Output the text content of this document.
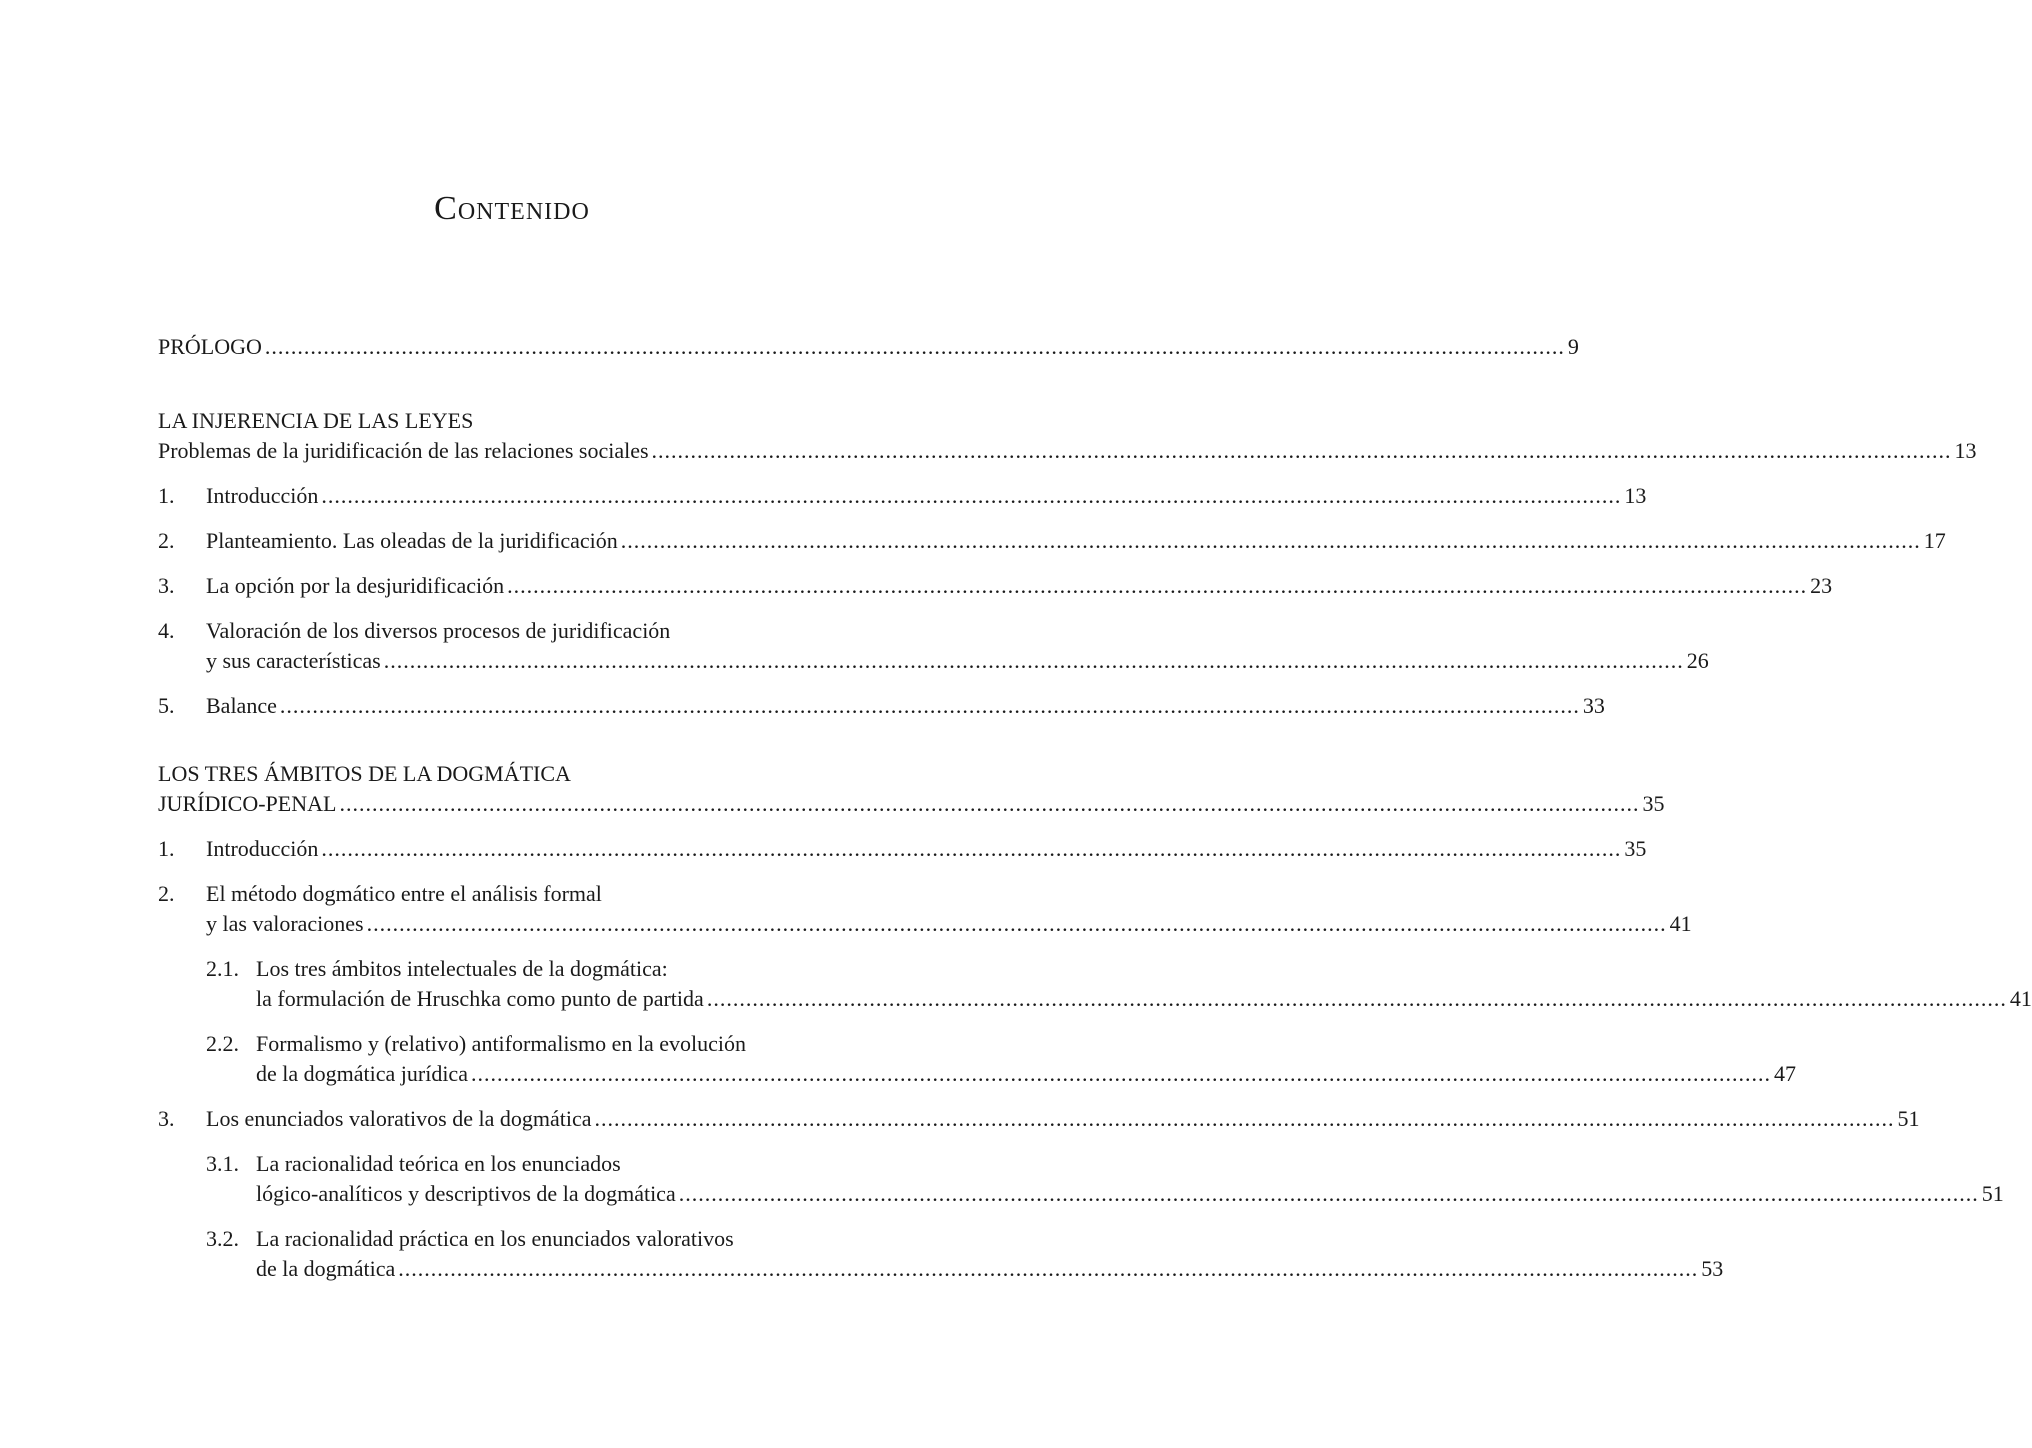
Contenido
PRÓLOGO ........................................................................................................................................................................................................ 9
LA INJERENCIA DE LAS LEYES
Problemas de la juridificación de las relaciones sociales ........................................................................................................................................................................................................ 13
1.	Introducción ........................................................................................................................................................................................................ 13
2.	Planteamiento. Las oleadas de la juridificación ........................................................................................................................................................................................................ 17
3.	La opción por la desjuridificación ........................................................................................................................................................................................................ 23
4.	Valoración de los diversos procesos de juridificación
y sus características ........................................................................................................................................................................................................ 26
5.	Balance ........................................................................................................................................................................................................ 33
LOS TRES ÁMBITOS DE LA DOGMÁTICA
JURÍDICO-PENAL ........................................................................................................................................................................................................ 35
1.	Introducción ........................................................................................................................................................................................................ 35
2.	El método dogmático entre el análisis formal
y las valoraciones ........................................................................................................................................................................................................ 41
2.1. Los tres ámbitos intelectuales de la dogmática:
la formulación de Hruschka como punto de partida ........................................................................................................................................................................................................ 41
2.2. Formalismo y (relativo) antiformalismo en la evolución
de la dogmática jurídica ........................................................................................................................................................................................................ 47
3.	Los enunciados valorativos de la dogmática ........................................................................................................................................................................................................ 51
3.1. La racionalidad teórica en los enunciados
lógico-analíticos y descriptivos de la dogmática ........................................................................................................................................................................................................ 51
3.2. La racionalidad práctica en los enunciados valorativos
de la dogmática ........................................................................................................................................................................................................ 53
